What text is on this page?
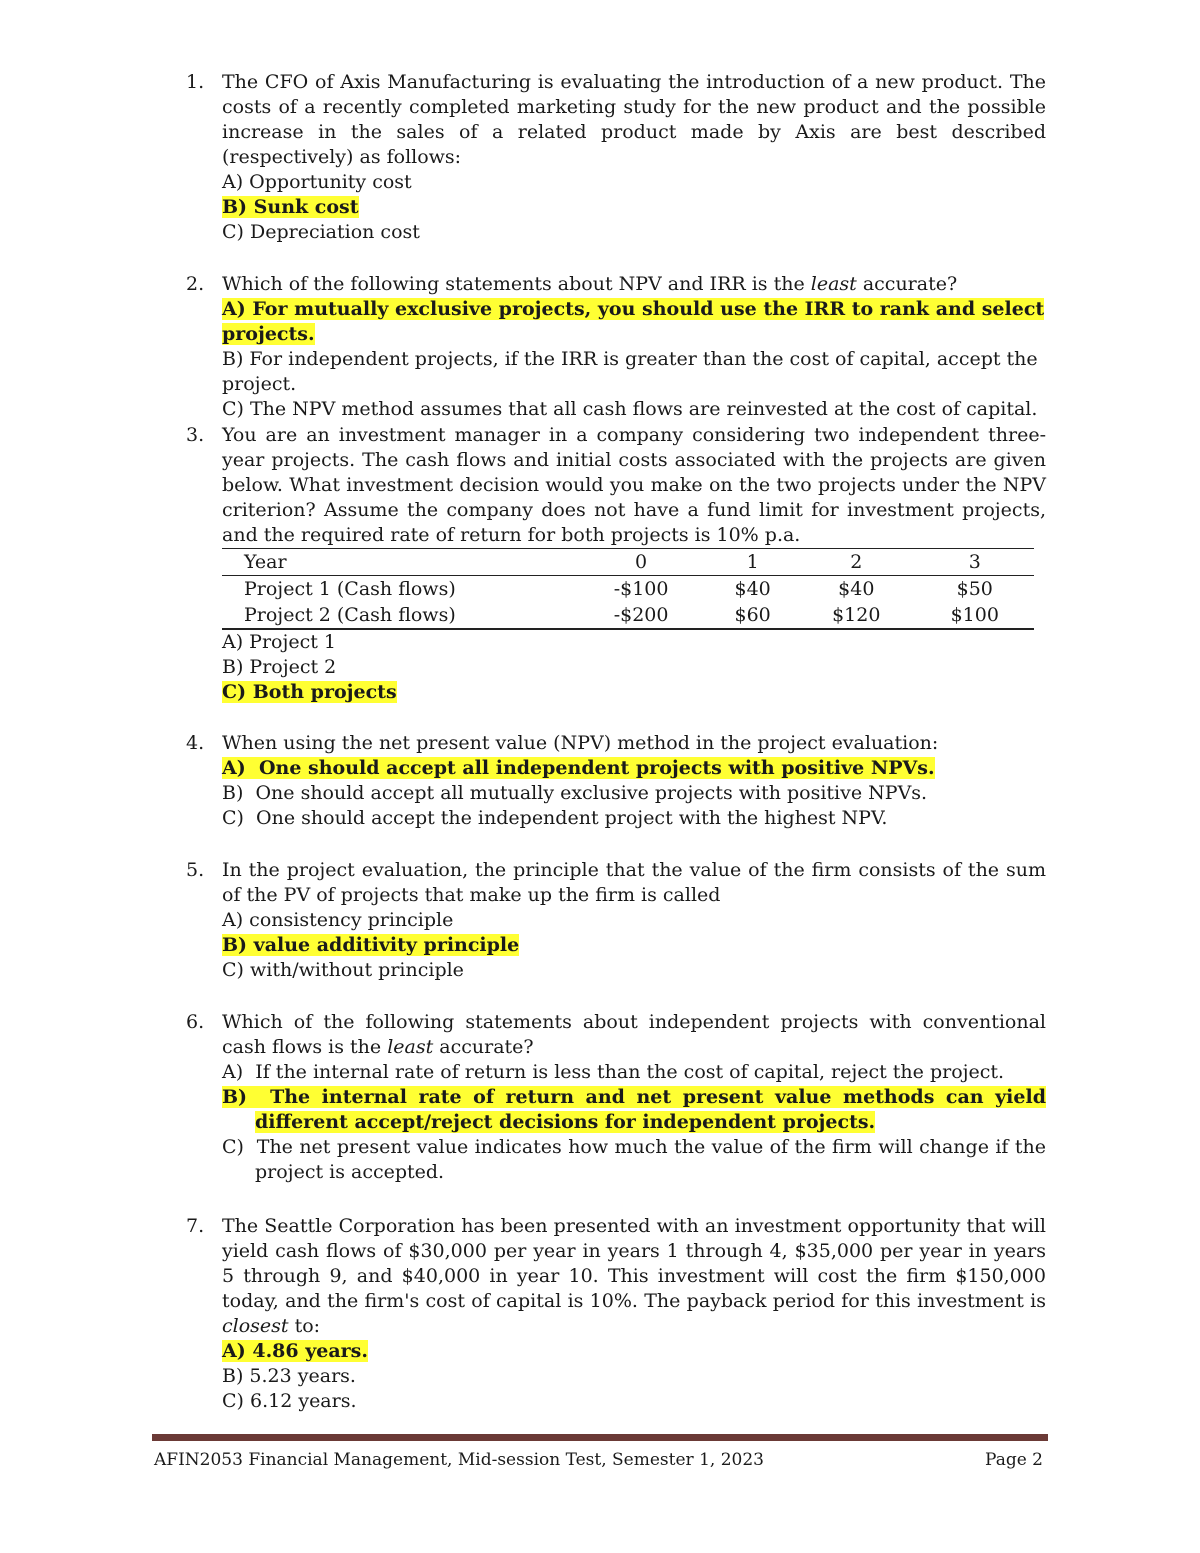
1. The CFO of Axis Manufacturing is evaluating the introduction of a new product. The costs of a recently completed marketing study for the new product and the possible increase in the sales of a related product made by Axis are best described (respectively) as follows:
A) Opportunity cost
B) Sunk cost
C) Depreciation cost
2. Which of the following statements about NPV and IRR is the least accurate?
A) For mutually exclusive projects, you should use the IRR to rank and select projects.
B) For independent projects, if the IRR is greater than the cost of capital, accept the project.
C) The NPV method assumes that all cash flows are reinvested at the cost of capital.
3. You are an investment manager in a company considering two independent three-year projects. The cash flows and initial costs associated with the projects are given below. What investment decision would you make on the two projects under the NPV criterion? Assume the company does not have a fund limit for investment projects, and the required rate of return for both projects is 10% p.a.
Year	0	1	2	3
Project 1 (Cash flows)	-$100	$40	$40	$50
Project 2 (Cash flows)	-$200	$60	$120	$100
A) Project 1
B) Project 2
C) Both projects
4. When using the net present value (NPV) method in the project evaluation:
A) One should accept all independent projects with positive NPVs.
B) One should accept all mutually exclusive projects with positive NPVs.
C) One should accept the independent project with the highest NPV.
5. In the project evaluation, the principle that the value of the firm consists of the sum of the PV of projects that make up the firm is called
A) consistency principle
B) value additivity principle
C) with/without principle
6. Which of the following statements about independent projects with conventional cash flows is the least accurate?
A) If the internal rate of return is less than the cost of capital, reject the project.
B) The internal rate of return and net present value methods can yield different accept/reject decisions for independent projects.
C) The net present value indicates how much the value of the firm will change if the project is accepted.
7. The Seattle Corporation has been presented with an investment opportunity that will yield cash flows of $30,000 per year in years 1 through 4, $35,000 per year in years 5 through 9, and $40,000 in year 10. This investment will cost the firm $150,000 today, and the firm's cost of capital is 10%. The payback period for this investment is closest to:
A) 4.86 years.
B) 5.23 years.
C) 6.12 years.
AFIN2053 Financial Management, Mid-session Test, Semester 1, 2023	Page 2
